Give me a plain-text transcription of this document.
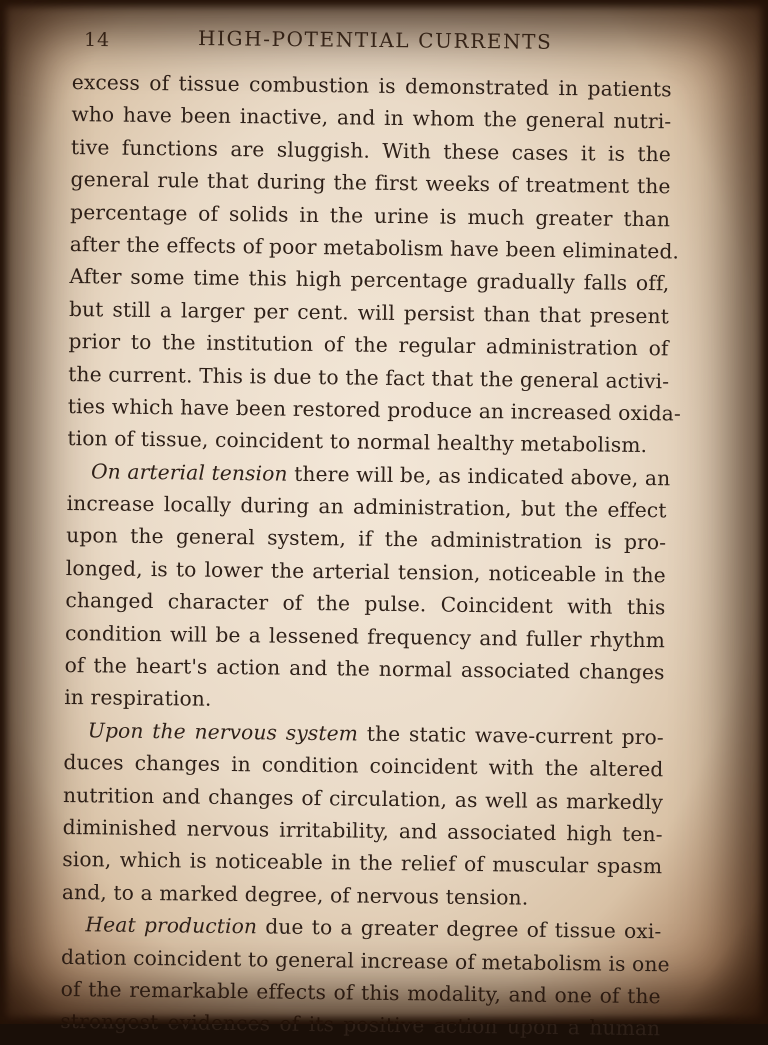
14	HIGH-POTENTIAL CURRENTS
excess of tissue combustion is demonstrated in patients
who have been inactive, and in whom the general nutri-
tive functions are sluggish. With these cases it is the
general rule that during the first weeks of treatment the
percentage of solids in the urine is much greater than
after the effects of poor metabolism have been eliminated.
After some time this high percentage gradually falls off,
but still a larger per cent. will persist than that present
prior to the institution of the regular administration of
the current. This is due to the fact that the general activi-
ties which have been restored produce an increased oxida-
tion of tissue, coincident to normal healthy metabolism.
On arterial tension there will be, as indicated above, an
increase locally during an administration, but the effect
upon the general system, if the administration is pro-
longed, is to lower the arterial tension, noticeable in the
changed character of the pulse. Coincident with this
condition will be a lessened frequency and fuller rhythm
of the heart's action and the normal associated changes
in respiration.
Upon the nervous system the static wave-current pro-
duces changes in condition coincident with the altered
nutrition and changes of circulation, as well as markedly
diminished nervous irritability, and associated high ten-
sion, which is noticeable in the relief of muscular spasm
and, to a marked degree, of nervous tension.
Heat production due to a greater degree of tissue oxi-
dation coincident to general increase of metabolism is one
of the remarkable effects of this modality, and one of the
strongest evidences of its positive action upon a human
